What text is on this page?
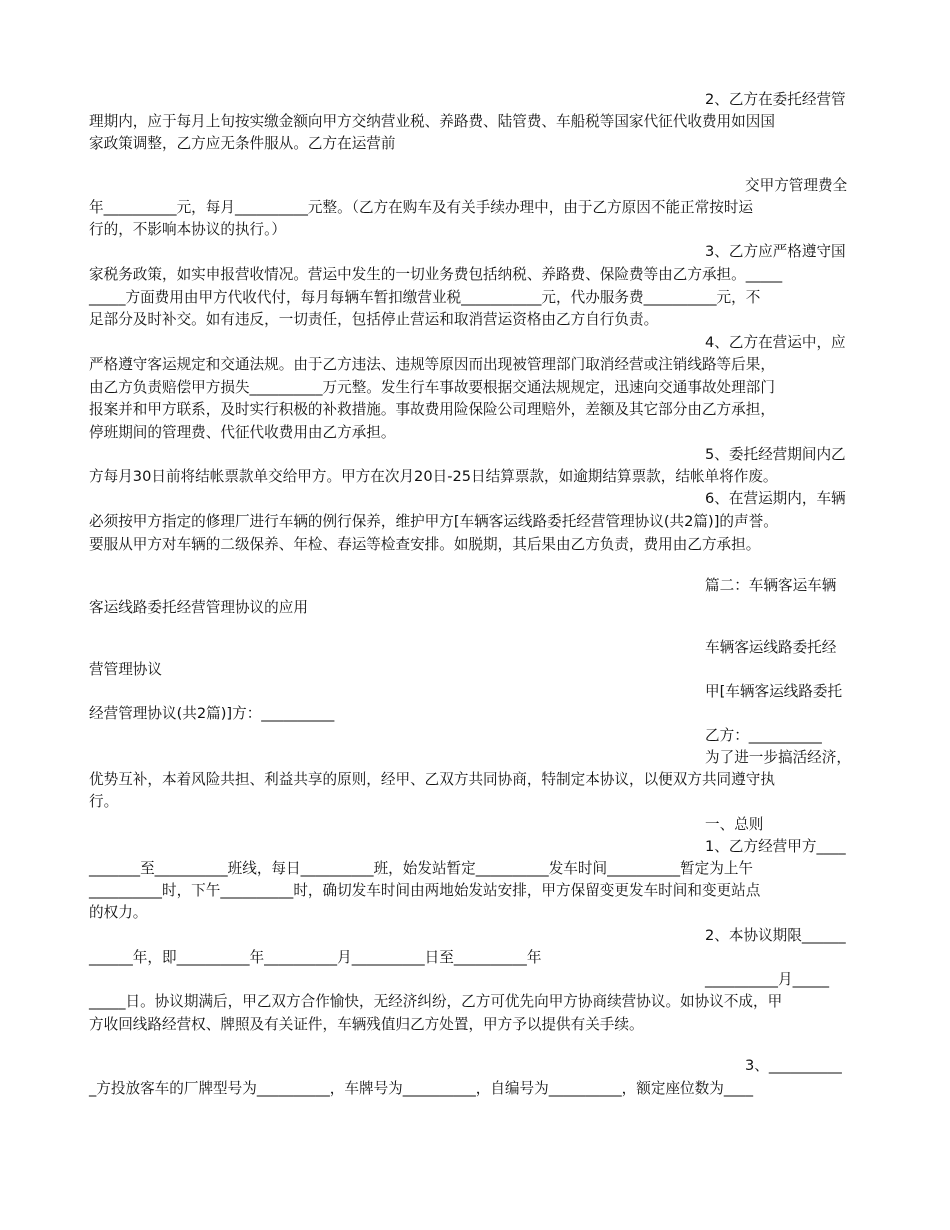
2、乙方在委托经营管
理期内，应于每月上旬按实缴金额向甲方交纳营业税、养路费、陆管费、车船税等国家代征代收费用如因国
家政策调整，乙方应无条件服从。乙方在运营前
交甲方管理费全
年__________元，每月__________元整。（乙方在购车及有关手续办理中，由于乙方原因不能正常按时运
行的，不影响本协议的执行。）
3、乙方应严格遵守国
家税务政策，如实申报营收情况。营运中发生的一切业务费包括纳税、养路费、保险费等由乙方承担。_____
_____方面费用由甲方代收代付，每月每辆车暂扣缴营业税___________元，代办服务费__________元，不
足部分及时补交。如有违反，一切责任，包括停止营运和取消营运资格由乙方自行负责。
4、乙方在营运中，应
严格遵守客运规定和交通法规。由于乙方违法、违规等原因而出现被管理部门取消经营或注销线路等后果，
由乙方负责赔偿甲方损失__________万元整。发生行车事故要根据交通法规规定，迅速向交通事故处理部门
报案并和甲方联系，及时实行积极的补救措施。事故费用险保险公司理赔外，差额及其它部分由乙方承担，
停班期间的管理费、代征代收费用由乙方承担。
5、委托经营期间内乙
方每月30日前将结帐票款单交给甲方。甲方在次月20日-25日结算票款，如逾期结算票款，结帐单将作废。
6、在营运期内，车辆
必须按甲方指定的修理厂进行车辆的例行保养，维护甲方[车辆客运线路委托经营管理协议(共2篇)]的声誉。
要服从甲方对车辆的二级保养、年检、春运等检查安排。如脱期，其后果由乙方负责，费用由乙方承担。
篇二：车辆客运车辆
客运线路委托经营管理协议的应用
车辆客运线路委托经
营管理协议
甲[车辆客运线路委托
经营管理协议(共2篇)]方：__________
乙方：__________
为了进一步搞活经济，
优势互补，本着风险共担、利益共享的原则，经甲、乙双方共同协商，特制定本协议，以便双方共同遵守执
行。
一、总则
1、乙方经营甲方____
_______至__________班线，每日__________班，始发站暂定__________发车时间__________暂定为上午
__________时，下午__________时，确切发车时间由两地始发站安排，甲方保留变更发车时间和变更站点
的权力。
2、本协议期限______
______年，即__________年__________月__________日至__________年
__________月_____
_____日。协议期满后，甲乙双方合作愉快，无经济纠纷，乙方可优先向甲方协商续营协议。如协议不成，甲
方收回线路经营权、牌照及有关证件，车辆残值归乙方处置，甲方予以提供有关手续。
3、__________
_方投放客车的厂牌型号为__________，车牌号为__________，自编号为__________，额定座位数为____
